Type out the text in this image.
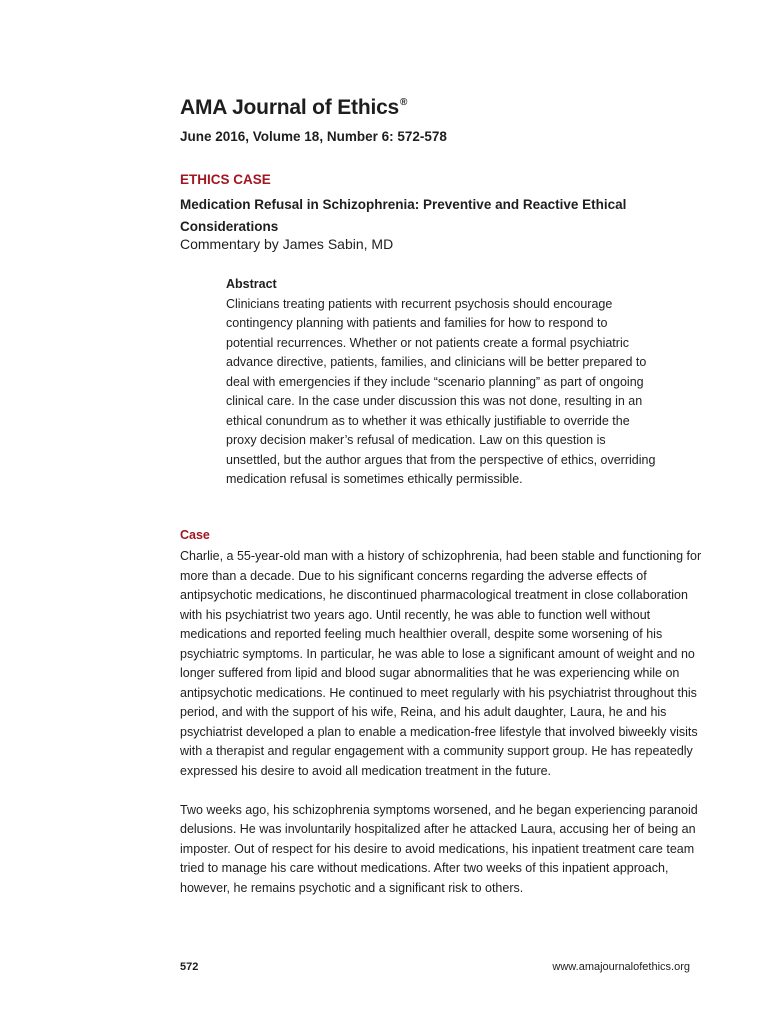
AMA Journal of Ethics®
June 2016, Volume 18, Number 6: 572-578
ETHICS CASE
Medication Refusal in Schizophrenia: Preventive and Reactive Ethical Considerations
Commentary by James Sabin, MD
Abstract
Clinicians treating patients with recurrent psychosis should encourage contingency planning with patients and families for how to respond to potential recurrences. Whether or not patients create a formal psychiatric advance directive, patients, families, and clinicians will be better prepared to deal with emergencies if they include “scenario planning” as part of ongoing clinical care. In the case under discussion this was not done, resulting in an ethical conundrum as to whether it was ethically justifiable to override the proxy decision maker’s refusal of medication. Law on this question is unsettled, but the author argues that from the perspective of ethics, overriding medication refusal is sometimes ethically permissible.
Case

Charlie, a 55-year-old man with a history of schizophrenia, had been stable and functioning for more than a decade. Due to his significant concerns regarding the adverse effects of antipsychotic medications, he discontinued pharmacological treatment in close collaboration with his psychiatrist two years ago. Until recently, he was able to function well without medications and reported feeling much healthier overall, despite some worsening of his psychiatric symptoms. In particular, he was able to lose a significant amount of weight and no longer suffered from lipid and blood sugar abnormalities that he was experiencing while on antipsychotic medications. He continued to meet regularly with his psychiatrist throughout this period, and with the support of his wife, Reina, and his adult daughter, Laura, he and his psychiatrist developed a plan to enable a medication-free lifestyle that involved biweekly visits with a therapist and regular engagement with a community support group. He has repeatedly expressed his desire to avoid all medication treatment in the future.

Two weeks ago, his schizophrenia symptoms worsened, and he began experiencing paranoid delusions. He was involuntarily hospitalized after he attacked Laura, accusing her of being an imposter. Out of respect for his desire to avoid medications, his inpatient treatment care team tried to manage his care without medications. After two weeks of this inpatient approach, however, he remains psychotic and a significant risk to others.

572	www.amajournalofethics.org
